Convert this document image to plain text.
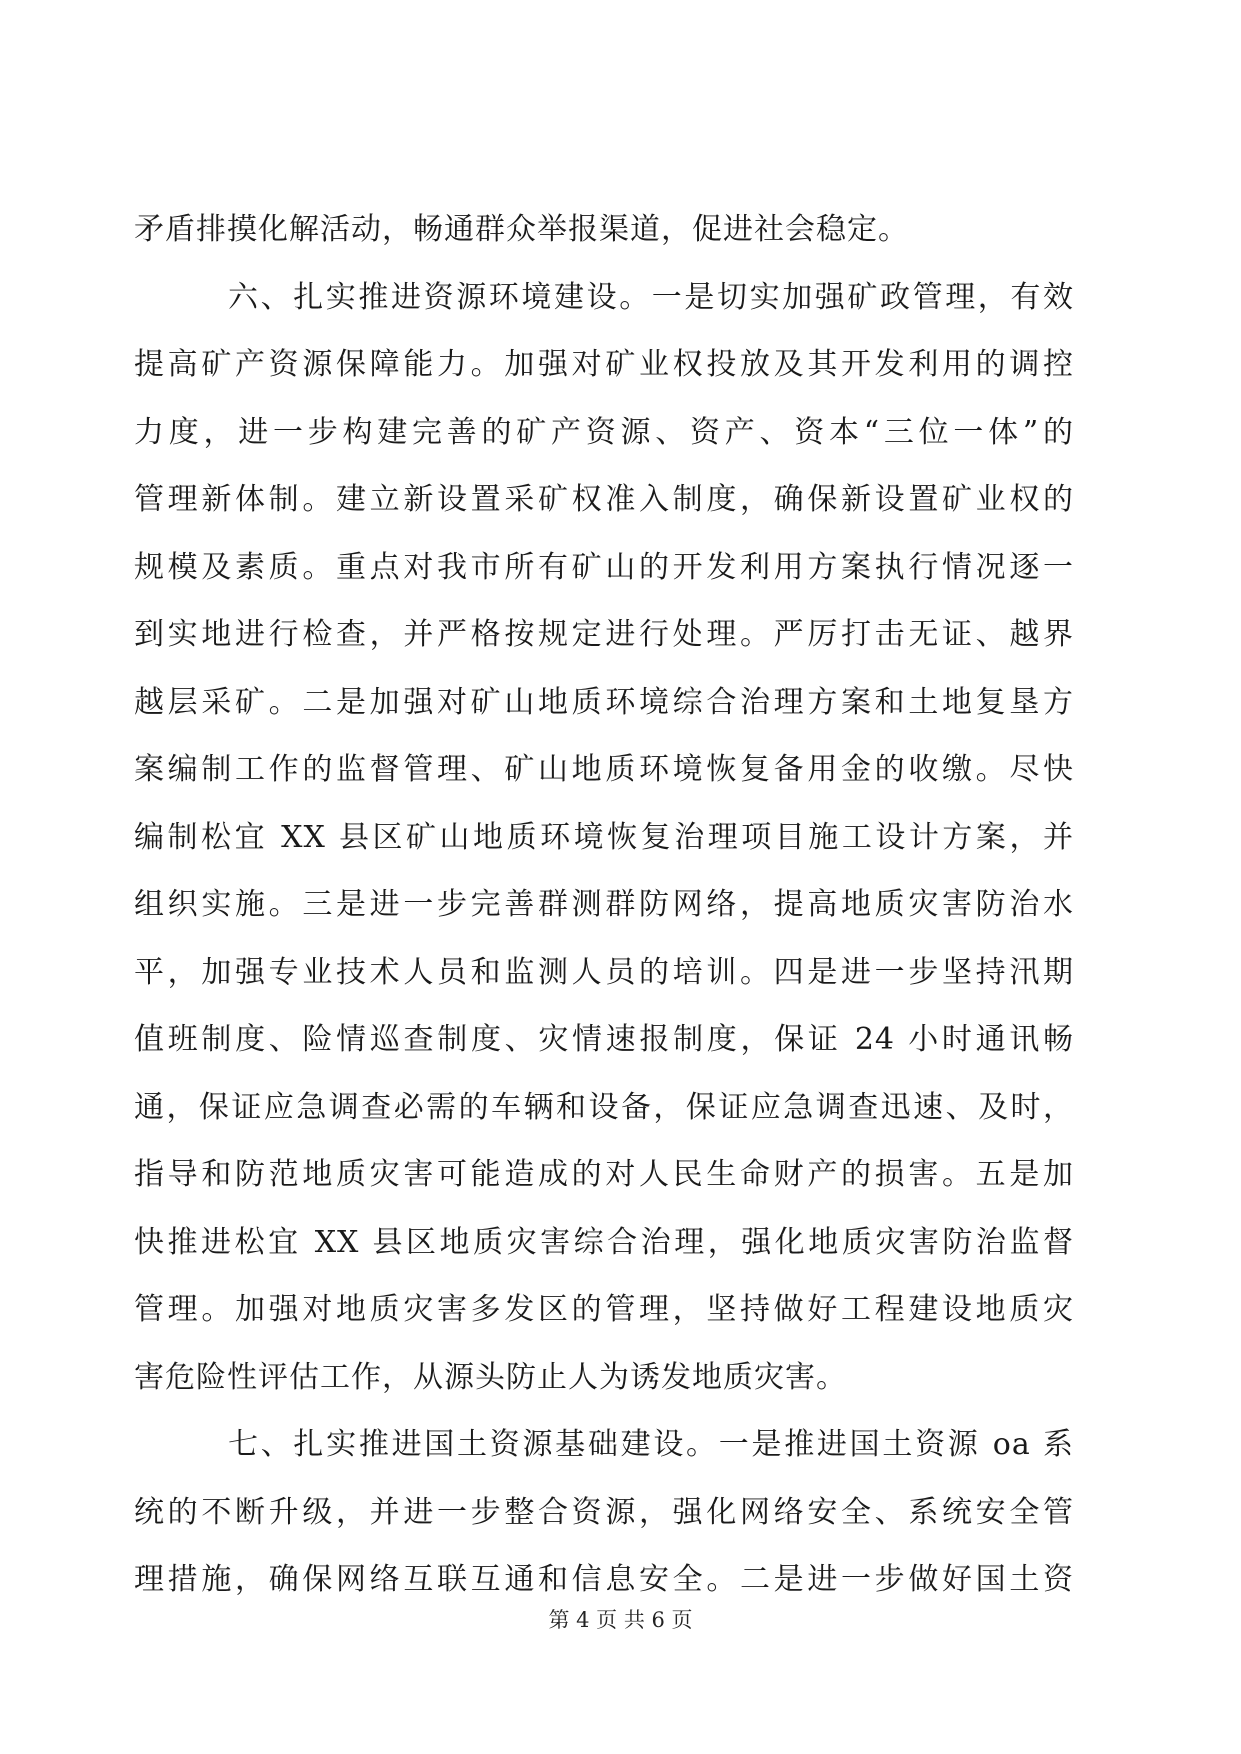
矛盾排摸化解活动，畅通群众举报渠道，促进社会稳定。
六、扎实推进资源环境建设。一是切实加强矿政管理，有效
提高矿产资源保障能力。加强对矿业权投放及其开发利用的调控
力度，进一步构建完善的矿产资源、资产、资本“三位一体”的
管理新体制。建立新设置采矿权准入制度，确保新设置矿业权的
规模及素质。重点对我市所有矿山的开发利用方案执行情况逐一
到实地进行检查，并严格按规定进行处理。严厉打击无证、越界
越层采矿。二是加强对矿山地质环境综合治理方案和土地复垦方
案编制工作的监督管理、矿山地质环境恢复备用金的收缴。尽快
编制松宜 XX 县区矿山地质环境恢复治理项目施工设计方案，并
组织实施。三是进一步完善群测群防网络，提高地质灾害防治水
平，加强专业技术人员和监测人员的培训。四是进一步坚持汛期
值班制度、险情巡查制度、灾情速报制度，保证 24 小时通讯畅
通，保证应急调查必需的车辆和设备，保证应急调查迅速、及时，
指导和防范地质灾害可能造成的对人民生命财产的损害。五是加
快推进松宜 XX 县区地质灾害综合治理，强化地质灾害防治监督
管理。加强对地质灾害多发区的管理，坚持做好工程建设地质灾
害危险性评估工作，从源头防止人为诱发地质灾害。
七、扎实推进国土资源基础建设。一是推进国土资源 oa 系
统的不断升级，并进一步整合资源，强化网络安全、系统安全管
理措施，确保网络互联互通和信息安全。二是进一步做好国土资
第 4 页 共 6 页
